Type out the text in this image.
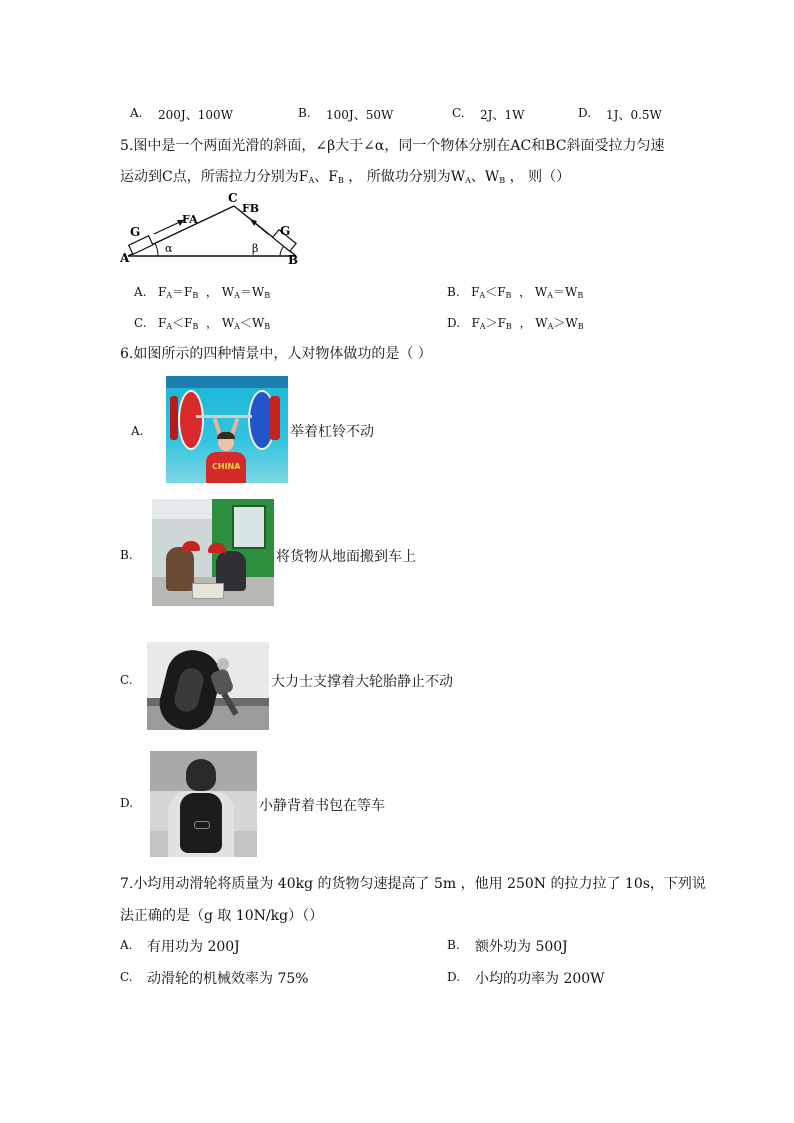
A. 200J、100W	B. 100J、50W	C. 2J、1W	D. 1J、0.5W
5.图中是一个两面光滑的斜面，∠β大于∠α，同一个物体分别在AC和BC斜面受拉力匀速
运动到C点，所需拉力分别为$F_A$、$F_B$ ， 所做功分别为$W_A$、$W_B$ ， 则（）
A	B
C
FA
FB
G	G
α	β
A. $F_A=F_B$ ， $W_A=W_B$	B. $F_A<F_B$ ， $W_A=W_B$
C. $F_A<F_B$ ， $W_A<W_B$	D. $F_A>F_B$ ， $W_A>W_B$
6.如图所示的四种情景中，人对物体做功的是（ ）
A.
CHINA
举着杠铃不动
B.	将货物从地面搬到车上
C.	大力士支撑着大轮胎静止不动
D.	小静背着书包在等车
7.小均用动滑轮将质量为 40kg 的货物匀速提高了 5m ，他用 250N 的拉力拉了 10s，下列说
法正确的是（g 取 10N/kg）（）
A. 有用功为 200J	B. 额外功为 500J
C. 动滑轮的机械效率为 75%	D. 小均的功率为 200W
